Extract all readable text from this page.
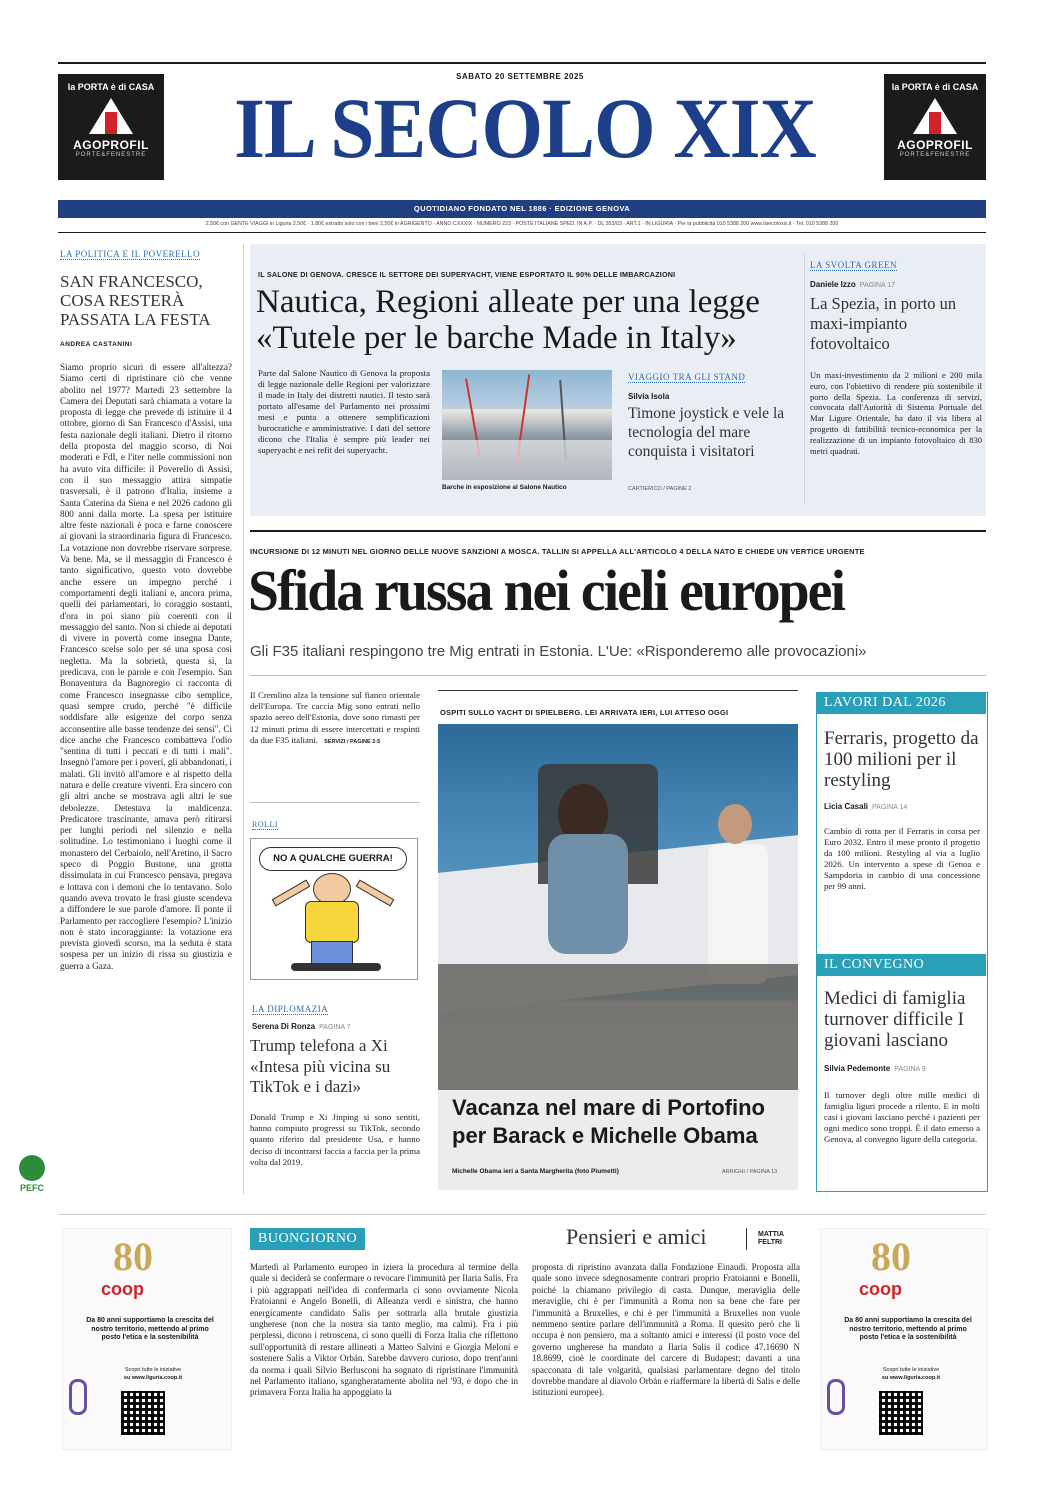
la PORTA è di CASA
AGOPROFIL
PORTE&FENESTRE
la PORTA è di CASA
AGOPROFIL
PORTE&FENESTRE
SABATO 20 SETTEMBRE 2025
IL SECOLO XIX
QUOTIDIANO FONDATO NEL 1886 · EDIZIONE GENOVA
2,50€ con GENTE VIAGGI in Liguria 2,50€ · 1,80€ estratto solo con i beni 2,50€ in AGRIGENTO · ANNO CXXXIX · NUMERO 223 · POSTE ITALIANE SPED. IN A.P. · DL 353/03 · ART.1 · IN LIGURIA · Per la pubblicità 010 5388 200 www.ilsecoloxix.it · Tel. 010 5388 200
LA POLITICA E IL POVERELLO
SAN FRANCESCO, COSA RESTERÀ PASSATA LA FESTA
ANDREA CASTANINI
Siamo proprio sicuri di essere all'altezza? Siamo certi di ripristinare ciò che venne abolito nel 1977? Martedì 23 settembre la Camera dei Deputati sarà chiamata a votare la proposta di legge che prevede di istituire il 4 ottobre, giorno di San Francesco d'Assisi, una festa nazionale degli italiani. Dietro il ritorno della proposta del maggio scorso, di Noi moderati e FdI, e l'iter nelle commissioni non ha avuto vita difficile: il Poverello di Assisi, con il suo messaggio attira simpatie trasversali, è il patrono d'Italia, insieme a Santa Caterina da Siena e nel 2026 cadono gli 800 anni dalla morte. La spesa per istituire altre feste nazionali è poca e farne conoscere ai giovani la straordinaria figura di Francesco. La votazione non dovrebbe riservare sorprese. Va bene. Ma, se il messaggio di Francesco è tanto significativo, questo voto dovrebbe anche essere un impegno perché i comportamenti degli italiani e, ancora prima, quelli dei parlamentari, lo coraggio sostanti, d'ora in poi siano più coerenti con il messaggio del santo. Non si chiede ai deputati di vivere in povertà come insegna Dante, Francesco scelse solo per sé una sposa così negletta. Ma la sobrietà, questa sì, la predicava, con le parole e con l'esempio. San Bonaventura da Bagnoregio ci racconta di come Francesco insegnasse cibo semplice, quasi sempre crudo, perché "è difficile soddisfare alle esigenze del corpo senza acconsentire alle basse tendenze dei sensi". Ci dice anche che Francesco combatteva l'odio "sentina di tutti i peccati e di tutti i mali". Insegnò l'amore per i poveri, gli abbandonati, i malati. Gli invitò all'amore e al rispetto della natura e delle creature viventi. Era sincero con gli altri anche se mostrava agli altri le sue debolezze. Detestava la maldicenza. Predicatore trascinante, amava però ritirarsi per lunghi periodi nel silenzio e nella solitudine. Lo testimoniano i luoghi come il monastero del Cerbaiolo, nell'Aretino, il Sacro speco di Poggio Bustone, una grotta dissimulata in cui Francesco pensava, pregava e lottava con i demoni che lo tentavano. Solo quando aveva trovato le frasi giuste scendeva a diffondere le sue parole d'amore. Il ponte il Parlamento per raccogliere l'esempio? L'inizio non è stato incoraggiante: la votazione era prevista giovedì scorso, ma la seduta è stata sospesa per un inizio di rissa su giustizia e guerra a Gaza.
PEFC
IL SALONE DI GENOVA. CRESCE IL SETTORE DEI SUPERYACHT, VIENE ESPORTATO IL 90% DELLE IMBARCAZIONI
Nautica, Regioni alleate per una legge
«Tutele per le barche Made in Italy»
Parte dal Salone Nautico di Genova la proposta di legge nazionale delle Regioni per valorizzare il made in Italy dei distretti nautici. Il testo sarà portato all'esame del Parlamento nei prossimi mesi e punta a ottenere semplificazioni burocratiche e amministrative. I dati del settore dicono che l'Italia è sempre più leader nei superyacht e nei refit dei superyacht.
Barche in esposizione al Salone Nautico
VIAGGIO TRA GLI STAND
Silvia Isola
Timone joystick e vele la tecnologia del mare conquista i visitatori
CARTIERICO / PAGINE 2
LA SVOLTA GREEN
Daniele Izzo PAGINA 17
La Spezia, in porto un maxi-impianto fotovoltaico
Un maxi-investimento da 2 milioni e 200 mila euro, con l'obiettivo di rendere più sostenibile il porto della Spezia. La conferenza di servizi, convocata dall'Autorità di Sistema Portuale del Mar Ligure Orientale, ha dato il via libera al progetto di fattibilità tecnico-economica per la realizzazione di un impianto fotovoltaico di 830 metri quadrati.
INCURSIONE DI 12 MINUTI NEL GIORNO DELLE NUOVE SANZIONI A MOSCA. TALLIN SI APPELLA ALL'ARTICOLO 4 DELLA NATO E CHIEDE UN VERTICE URGENTE
Sfida russa nei cieli europei
Gli F35 italiani respingono tre Mig entrati in Estonia. L'Ue: «Risponderemo alle provocazioni»
Il Cremlino alza la tensione sul fianco orientale dell'Europa. Tre caccia Mig sono entrati nello spazio aereo dell'Estonia, dove sono rimasti per 12 minuti prima di essere intercettati e respinti da due F35 italiani. SERVIZI / PAGINE 2-5
ROLLI
NO A QUALCHE GUERRA!
LA DIPLOMAZIA
Serena Di Ronza PAGINA 7
Trump telefona a Xi «Intesa più vicina su TikTok e i dazi»
Donald Trump e Xi Jinping si sono sentiti, hanno compiuto progressi su TikTok, secondo quanto riferito dal presidente Usa, e hanno deciso di incontrarsi faccia a faccia per la prima volta dal 2019.
OSPITI SULLO YACHT DI SPIELBERG. LEI ARRIVATA IERI, LUI ATTESO OGGI
Vacanza nel mare di Portofino per Barack e Michelle Obama
Michelle Obama ieri a Santa Margherita (foto Piumetti)	ARRIGHI / PAGINA 13
LAVORI DAL 2026
Ferraris, progetto da 100 milioni per il restyling
Licia Casali PAGINA 14
Cambio di rotta per il Ferraris in corsa per Euro 2032. Entro il mese pronto il progetto da 100 milioni. Restyling al via a luglio 2026. Un intervento a spese di Genoa e Sampdoria in cambio di una concessione per 99 anni.
IL CONVEGNO
Medici di famiglia turnover difficile I giovani lasciano
Silvia Pedemonte PAGINA 9
Il turnover degli oltre mille medici di famiglia liguri procede a rilento. E in molti casi i giovani lasciano perché i pazienti per ogni medico sono troppi. È il dato emerso a Genova, al convegno ligure della categoria.
80
coop
Da 80 anni supportiamo la crescita del nostro territorio, mettendo al primo posto l'etica e la sostenibilità
Scopri tutte le iniziative
su www.liguria.coop.it
80
coop
Da 80 anni supportiamo la crescita del nostro territorio, mettendo al primo posto l'etica e la sostenibilità
Scopri tutte le iniziative
su www.liguria.coop.it
BUONGIORNO	Pensieri e amici	MATTIA FELTRI
Martedì al Parlamento europeo in iziera la procedura al termine della quale si deciderà se confermare o revocare l'immunità per Ilaria Salis. Fra i più aggrappati nell'idea di confermarla ci sono ovviamente Nicola Fratoianni e Angelo Bonelli, di Alleanza verdi e sinistra, che hanno energicamente candidato Salis per sottrarla alla brutale giustizia ungherese (non che la nostra sia tanto meglio, ma calmi). Fra i più perplessi, dicono i retroscena, ci sono quelli di Forza Italia che riflettono sull'opportunità di restare allineati a Matteo Salvini e Giorgia Meloni e sostenere Salis a Viktor Orbán. Sarebbe davvero curioso, dopo trent'anni da norma i quali Silvio Berlusconi ha sognato di ripristinare l'immunità nel Parlamento italiano, sgangheratamente abolita nel '93, e dopo che in primavera Forza Italia ha appoggiato la
proposta di ripristino avanzata dalla Fondazione Einaudi. Proposta alla quale sono invece sdegnosamente contrari proprio Fratoianni e Bonelli, poiché la chiamano privilegio di casta. Dunque, meraviglia delle meraviglie, chi è per l'immunità a Roma non sa bene che fare per l'immunità a Bruxelles, e chi è per l'immunità a Bruxelles non vuole nemmeno sentire parlare dell'immunità a Roma. Il quesito però che li occupa è non pensiero, ma a soltanto amici e interessi (il posto voce del governo ungherese ha mandato a Ilaria Salis il codice 47.16690 N 18.8699, cioè le coordinate del carcere di Budapest; davanti a una spacconata di tale volgarità, qualsiasi parlamentare degno del titolo dovrebbe mandare al diavolo Orbán e riaffermare la libertà di Salis e delle istituzioni europee).
